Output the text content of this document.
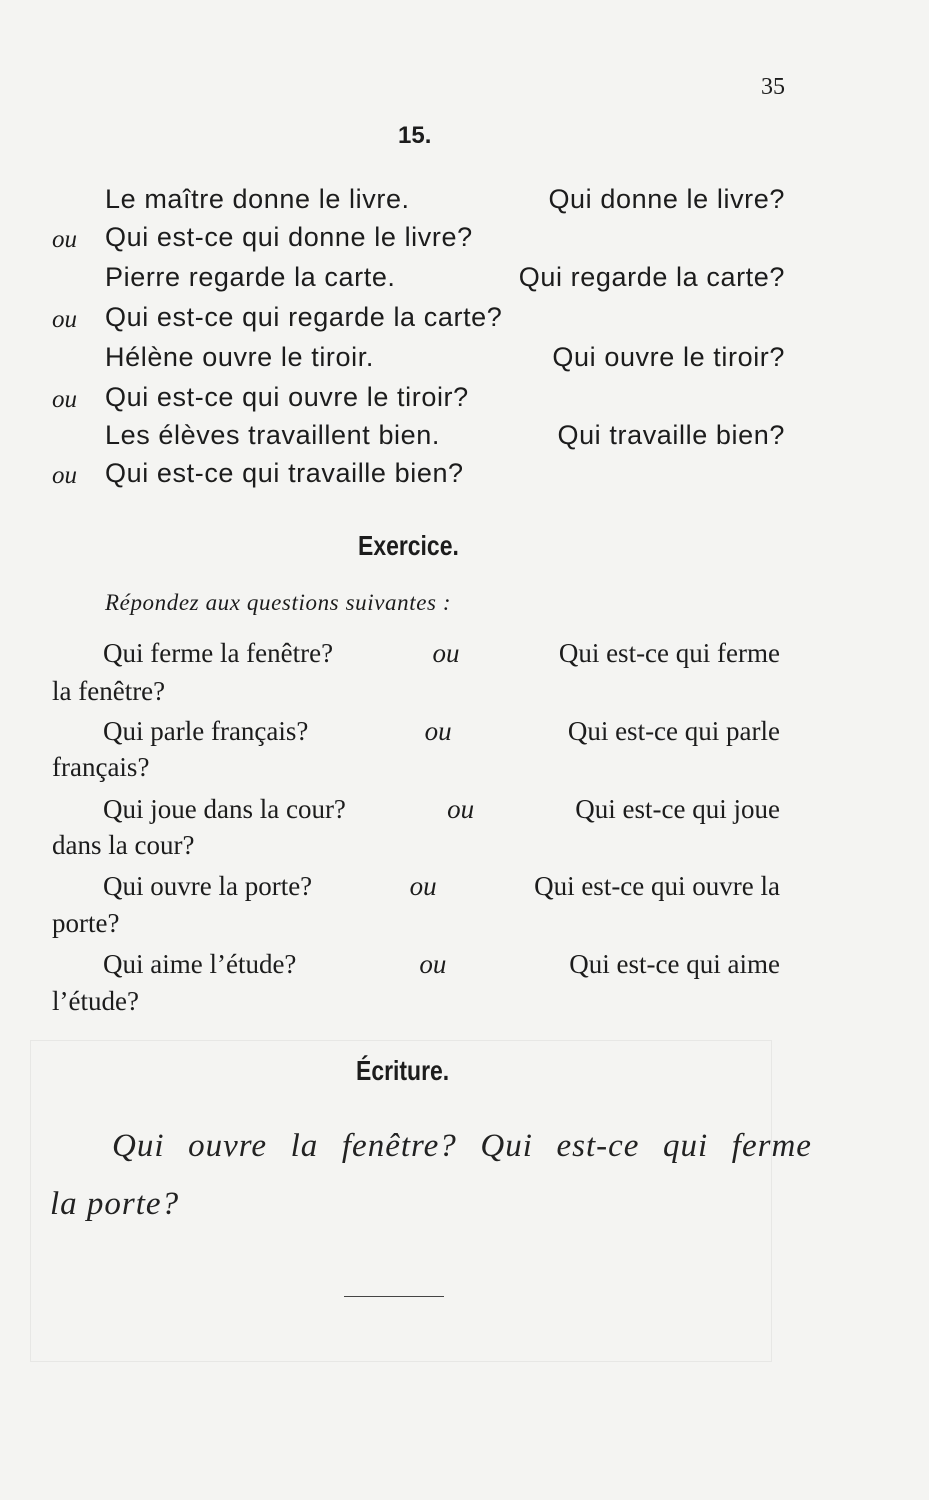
35
15.
Le maître donne le livre.	Qui donne le livre?
ou Qui est-ce qui donne le livre?
Pierre regarde la carte.	Qui regarde la carte?
ou Qui est-ce qui regarde la carte?
Hélène ouvre le tiroir.	Qui ouvre le tiroir?
ou Qui est-ce qui ouvre le tiroir?
Les élèves travaillent bien.	Qui travaille bien?
ou Qui est-ce qui travaille bien?
Exercice.
Répondez aux questions suivantes :
Qui ferme la fenêtre?	ou	Qui est-ce qui ferme
la fenêtre?
Qui parle français?	ou	Qui est-ce qui parle
français?
Qui joue dans la cour?	ou	Qui est-ce qui joue
dans la cour?
Qui ouvre la porte?	ou	Qui est-ce qui ouvre la
porte?
Qui aime l’étude?	ou	Qui est-ce qui aime
l’étude?
Écriture.
Qui ouvre la fenêtre? Qui est-ce qui ferme
la porte?
